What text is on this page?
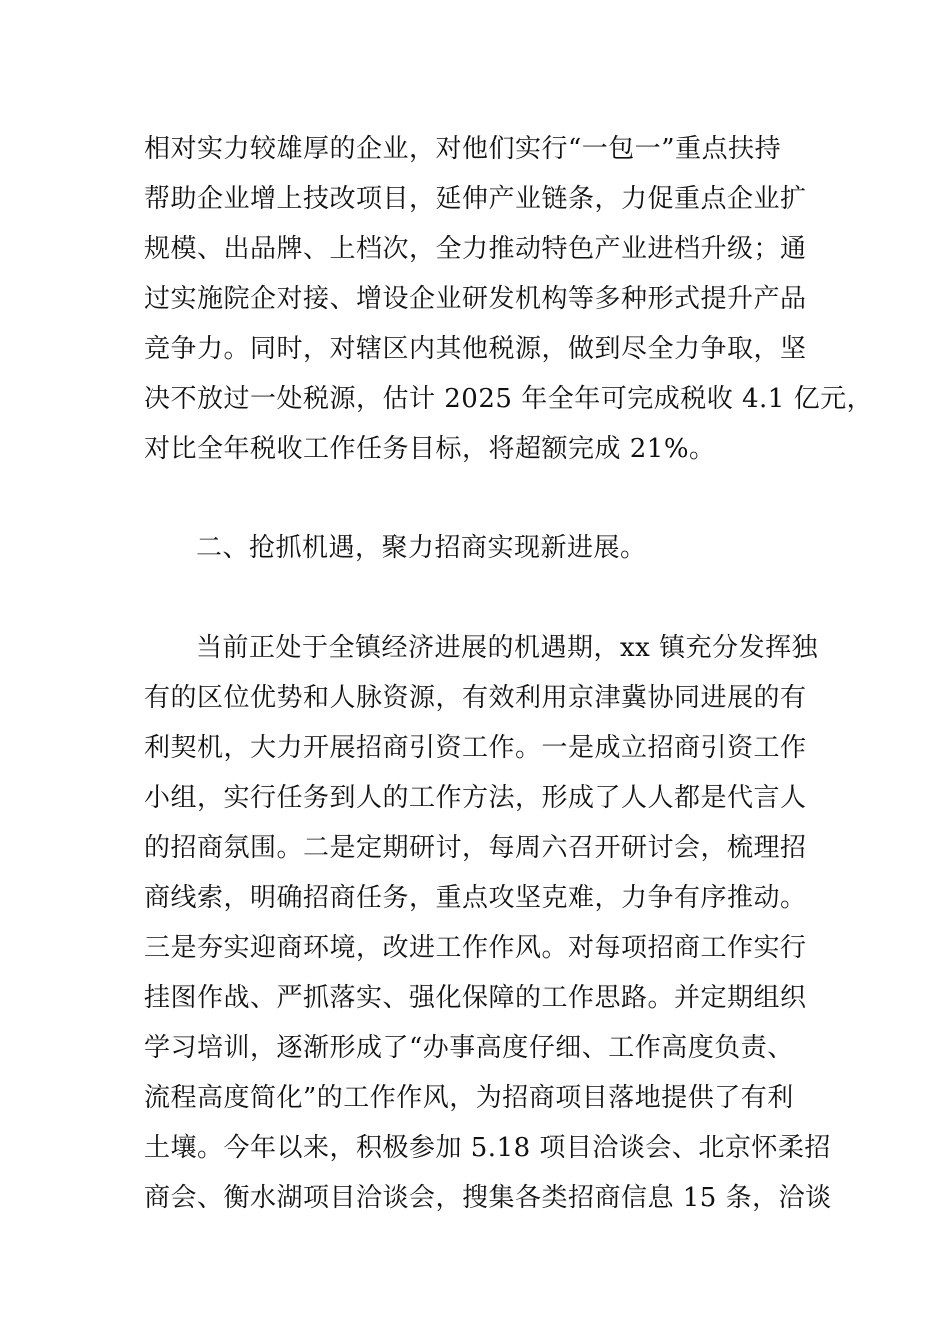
相对实力较雄厚的企业，对他们实行“一包一”重点扶持
帮助企业增上技改项目，延伸产业链条，力促重点企业扩
规模、出品牌、上档次，全力推动特色产业进档升级；通
过实施院企对接、增设企业研发机构等多种形式提升产品
竞争力。同时，对辖区内其他税源，做到尽全力争取，坚
决不放过一处税源，估计 2025 年全年可完成税收 4.1 亿元，
对比全年税收工作任务目标，将超额完成 21%。
二、抢抓机遇，聚力招商实现新进展。
当前正处于全镇经济进展的机遇期，xx 镇充分发挥独
有的区位优势和人脉资源，有效利用京津冀协同进展的有
利契机，大力开展招商引资工作。一是成立招商引资工作
小组，实行任务到人的工作方法，形成了人人都是代言人
的招商氛围。二是定期研讨，每周六召开研讨会，梳理招
商线索，明确招商任务，重点攻坚克难，力争有序推动。
三是夯实迎商环境，改进工作作风。对每项招商工作实行
挂图作战、严抓落实、强化保障的工作思路。并定期组织
学习培训，逐渐形成了“办事高度仔细、工作高度负责、
流程高度简化”的工作作风，为招商项目落地提供了有利
土壤。今年以来，积极参加 5.18 项目洽谈会、北京怀柔招
商会、衡水湖项目洽谈会，搜集各类招商信息 15 条，洽谈
